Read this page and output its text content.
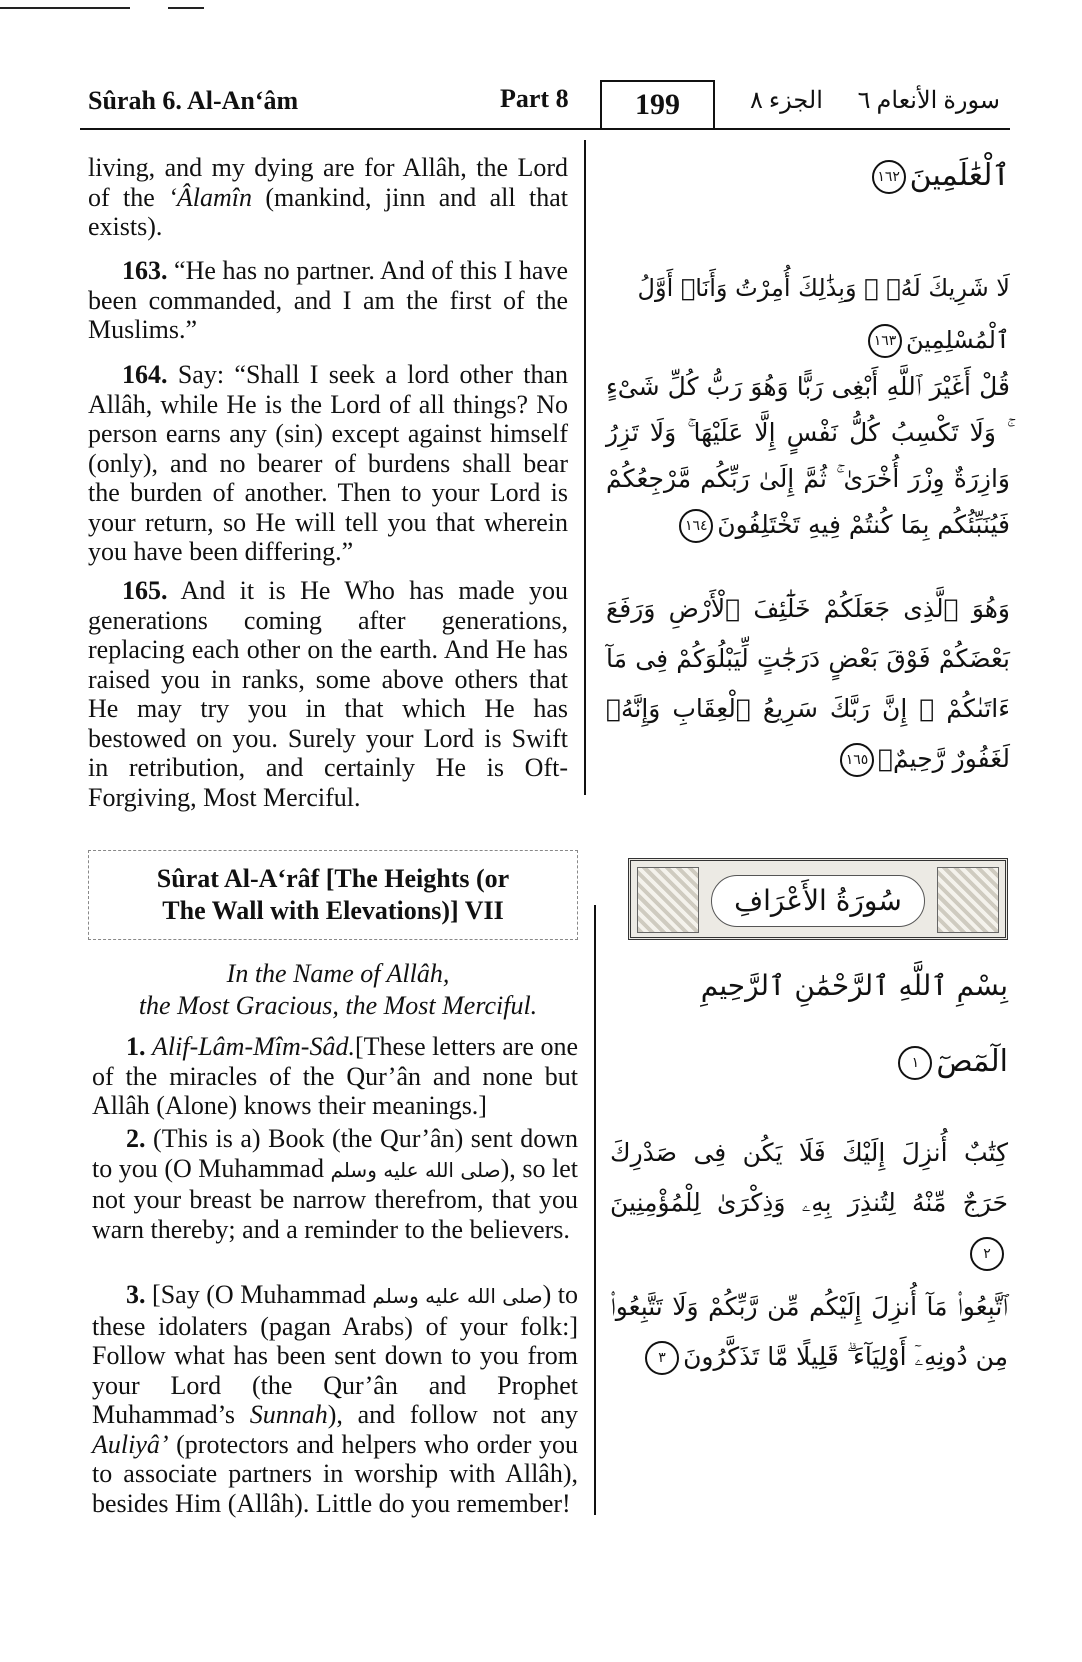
Sûrah 6. Al-An‘âm	Part 8	199	الجزء ٨ سورة الأنعام ٦
living, and my dying are for Allâh, the Lord of the ‘Âlamîn (mankind, jinn and all that exists).
163. “He has no partner. And of this I have been commanded, and I am the first of the Muslims.”
164. Say: “Shall I seek a lord other than Allâh, while He is the Lord of all things? No person earns any (sin) except against himself (only), and no bearer of burdens shall bear the burden of another. Then to your Lord is your return, so He will tell you that wherein you have been differing.”
165. And it is He Who has made you generations coming after generations, replacing each other on the earth. And He has raised you in ranks, some above others that He may try you in that which He has bestowed on you. Surely your Lord is Swift in retribution, and certainly He is Oft-Forgiving, Most Merciful.
Sûrat Al-A‘râf [The Heights (or
The Wall with Elevations)] VII
In the Name of Allâh,
the Most Gracious, the Most Merciful.
1. Alif-Lâm-Mîm-Sâd.[These letters are one of the miracles of the Qur’ân and none but Allâh (Alone) knows their meanings.]
2. (This is a) Book (the Qur’ân) sent down to you (O Muhammad صلى الله عليه وسلم), so let not your breast be narrow therefrom, that you warn thereby; and a reminder to the believers.
3. [Say (O Muhammad صلى الله عليه وسلم) to these idolaters (pagan Arabs) of your folk:] Follow what has been sent down to you from your Lord (the Qur’ân and Prophet Muhammad’s Sunnah), and follow not any Auliyâ’ (protectors and helpers who order you to associate partners in worship with Allâh), besides Him (Allâh). Little do you remember!
ٱلْعَٰلَمِينَ١٦٢
لَا شَرِيكَ لَهُۥ ۖ وَبِذَٰلِكَ أُمِرْتُ وَأَنَا۠ أَوَّلُ ٱلْمُسْلِمِينَ١٦٣
قُلْ أَغَيْرَ ٱللَّهِ أَبْغِى رَبًّا وَهُوَ رَبُّ كُلِّ شَىْءٍ ۚ وَلَا تَكْسِبُ كُلُّ نَفْسٍ إِلَّا عَلَيْهَا ۚ وَلَا تَزِرُ وَازِرَةٌ وِزْرَ أُخْرَىٰ ۚ ثُمَّ إِلَىٰ رَبِّكُم مَّرْجِعُكُمْ فَيُنَبِّئُكُم بِمَا كُنتُمْ فِيهِ تَخْتَلِفُونَ١٦٤
وَهُوَ ٱلَّذِى جَعَلَكُمْ خَلَٰٓئِفَ ٱلْأَرْضِ وَرَفَعَ بَعْضَكُمْ فَوْقَ بَعْضٍ دَرَجَٰتٍ لِّيَبْلُوَكُمْ فِى مَآ ءَاتَىٰكُمْ ۗ إِنَّ رَبَّكَ سَرِيعُ ٱلْعِقَابِ وَإِنَّهُۥ لَغَفُورٌ رَّحِيمٌۢ١٦٥
سُورَةُ الأَعْرَافِ
بِسْمِ ٱللَّهِ ٱلرَّحْمَٰنِ ٱلرَّحِيمِ
الٓمٓصٓ١
كِتَٰبٌ أُنزِلَ إِلَيْكَ فَلَا يَكُن فِى صَدْرِكَ حَرَجٌ مِّنْهُ لِتُنذِرَ بِهِۦ وَذِكْرَىٰ لِلْمُؤْمِنِينَ٢
ٱتَّبِعُوا۟ مَآ أُنزِلَ إِلَيْكُم مِّن رَّبِّكُمْ وَلَا تَتَّبِعُوا۟ مِن دُونِهِۦٓ أَوْلِيَآءَ ۗ قَلِيلًا مَّا تَذَكَّرُونَ٣
